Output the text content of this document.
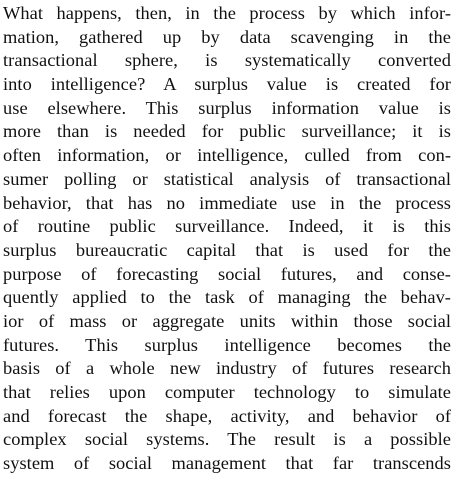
What happens, then, in the process by which infor-
mation, gathered up by data scavenging in the
transactional sphere, is systematically converted
into intelligence? A surplus value is created for
use elsewhere. This surplus information value is
more than is needed for public surveillance; it is
often information, or intelligence, culled from con-
sumer polling or statistical analysis of transactional
behavior, that has no immediate use in the process
of routine public surveillance. Indeed, it is this
surplus bureaucratic capital that is used for the
purpose of forecasting social futures, and conse-
quently applied to the task of managing the behav-
ior of mass or aggregate units within those social
futures. This surplus intelligence becomes the
basis of a whole new industry of futures research
that relies upon computer technology to simulate
and forecast the shape, activity, and behavior of
complex social systems. The result is a possible
system of social management that far transcends
